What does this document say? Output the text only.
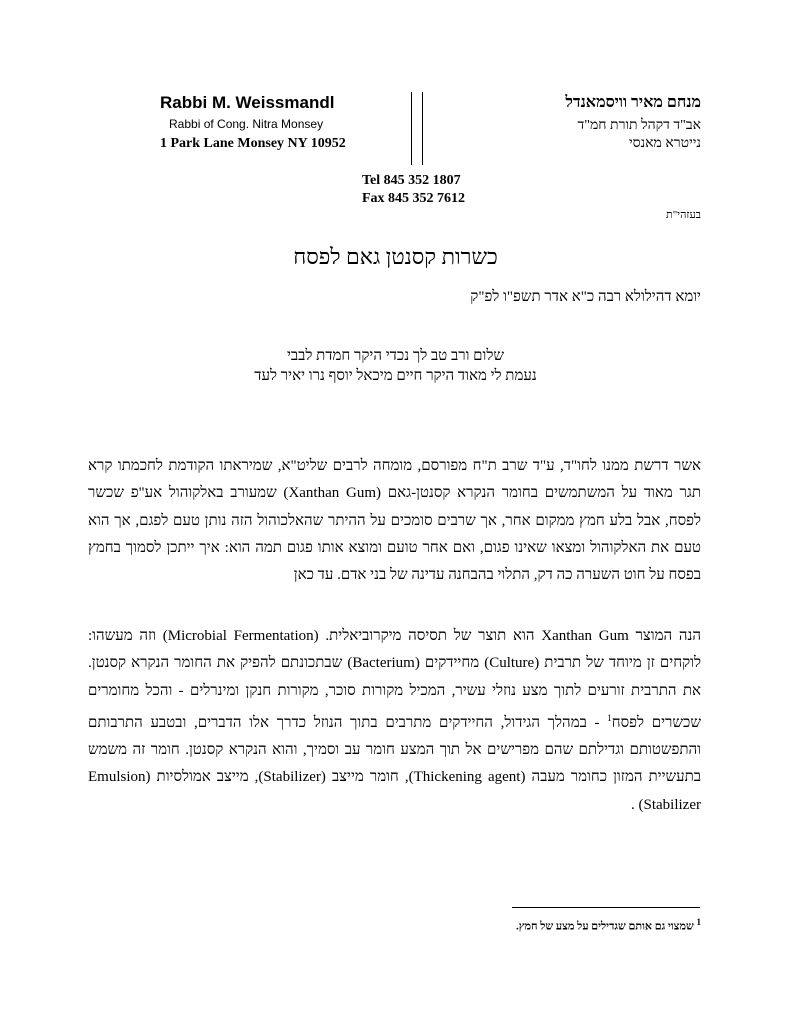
Rabbi M. Weissmandl
Rabbi of Cong. Nitra Monsey
1 Park Lane Monsey NY 10952
מנחם מאיר וויסמאנדל
אב"ד דקהל תורת חמ"ד
נייטרא מאנסי
Tel 845 352 1807
Fax 845 352 7612
בעזהי"ת
כשרות קסנטן גאם לפסח
יומא דהילולא רבה כ"א אדר תשפ"ו לפ"ק
שלום ורב טב לך נכדי היקר חמדת לבבי
נעמת לי מאוד היקר חיים מיכאל יוסף נרו יאיר לעד

אשר דרשת ממנו לחו"ד, ע"ד שרב ת"ח מפורסם, מומחה לרבים שליט"א, שמיראתו הקודמת לחכמתו קרא תגר מאוד על המשתמשים בחומר הנקרא קסנטן-גאם (Xanthan Gum) שמעורב באלקוהול אע"פ שכשר לפסח, אבל בלע חמץ ממקום אחר, אך שרבים סומכים על ההיתר שהאלכוהול הזה נותן טעם לפגם, אך הוא טעם את האלקוהול ומצאו שאינו פגום, ואם אחר טועם ומוצא אותו פגום תמה הוא: איך ייתכן לסמוך בחמץ בפסח על חוט השערה כה דק, התלוי בהבחנה עדינה של בני אדם. עד כאן

הנה המוצר Xanthan Gum הוא תוצר של תסיסה מיקרוביאלית. (Microbial Fermentation) וזה מעשהו: לוקחים זן מיוחד של תרבית (Culture) מחיידקים (Bacterium) שבתכונתם להפיק את החומר הנקרא קסנטן. את התרבית זורעים לתוך מצע נוזלי עשיר, המכיל מקורות סוכר, מקורות חנקן ומינרלים - והכל מחומרים שכשרים לפסח$^1$ - במהלך הגידול, החיידקים מתרבים בתוך הנוזל כדרך אלו הדברים, ובטבע התרבותם והתפשטותם וגדילתם שהם מפרישים אל תוך המצע חומר עב וסמיך, והוא הנקרא קסנטן. חומר זה משמש בתעשיית המזון כחומר מעבה (Thickening agent), חומר מייצב (Stabilizer), מייצב אמולסיות (Emulsion Stabilizer) .

$^1$ שמצוי גם אותם שגדילים על מצע של חמץ.
